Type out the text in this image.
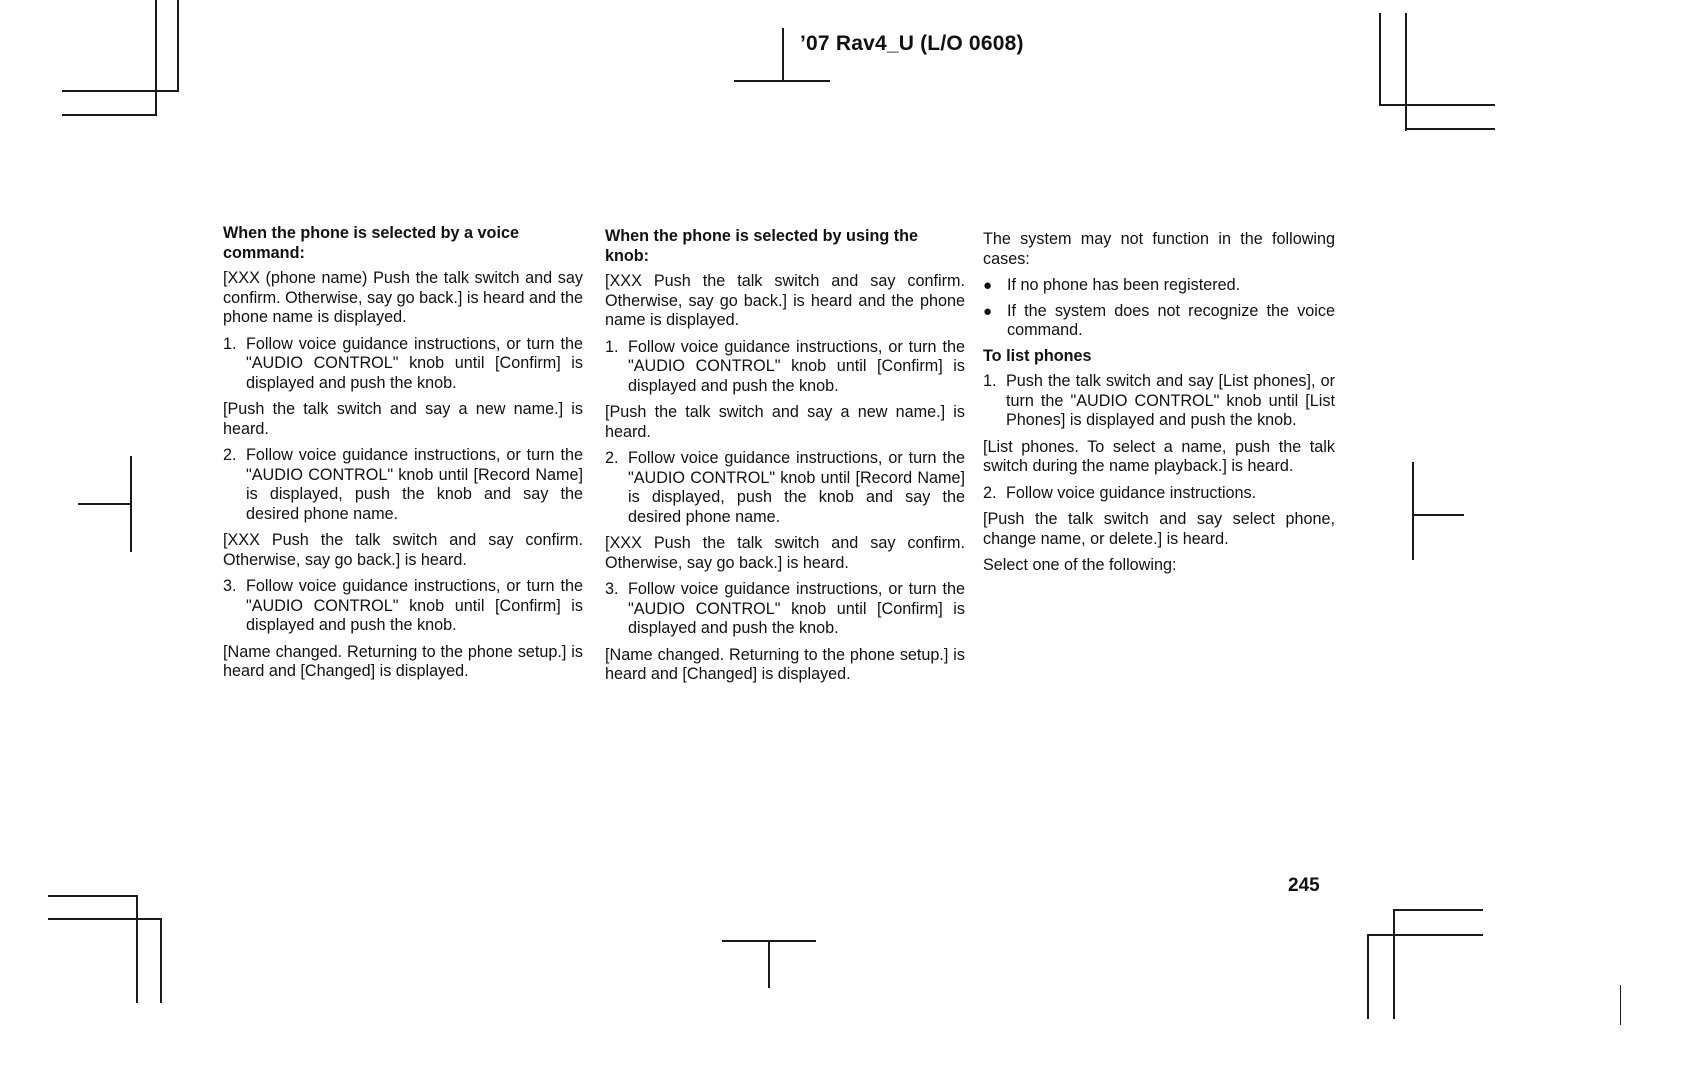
’07 Rav4_U (L/O 0608)
When the phone is selected by a voice command:
[XXX (phone name) Push the talk switch and say confirm. Otherwise, say go back.] is heard and the phone name is displayed.
1. Follow voice guidance instructions, or turn the "AUDIO CONTROL" knob until [Confirm] is displayed and push the knob.
[Push the talk switch and say a new name.] is heard.
2. Follow voice guidance instructions, or turn the "AUDIO CONTROL" knob until [Record Name] is displayed, push the knob and say the desired phone name.
[XXX Push the talk switch and say confirm. Otherwise, say go back.] is heard.
3. Follow voice guidance instructions, or turn the "AUDIO CONTROL" knob until [Confirm] is displayed and push the knob.
[Name changed. Returning to the phone setup.] is heard and [Changed] is displayed.
When the phone is selected by using the knob:
[XXX Push the talk switch and say confirm. Otherwise, say go back.] is heard and the phone name is displayed.
1. Follow voice guidance instructions, or turn the "AUDIO CONTROL" knob until [Confirm] is displayed and push the knob.
[Push the talk switch and say a new name.] is heard.
2. Follow voice guidance instructions, or turn the "AUDIO CONTROL" knob until [Record Name] is displayed, push the knob and say the desired phone name.
[XXX Push the talk switch and say confirm. Otherwise, say go back.] is heard.
3. Follow voice guidance instructions, or turn the "AUDIO CONTROL" knob until [Confirm] is displayed and push the knob.
[Name changed. Returning to the phone setup.] is heard and [Changed] is displayed.
The system may not function in the following cases:
● If no phone has been registered.
● If the system does not recognize the voice command.
To list phones
1. Push the talk switch and say [List phones], or turn the "AUDIO CONTROL" knob until [List Phones] is displayed and push the knob.
[List phones. To select a name, push the talk switch during the name playback.] is heard.
2. Follow voice guidance instructions.
[Push the talk switch and say select phone, change name, or delete.] is heard.
Select one of the following:
245
